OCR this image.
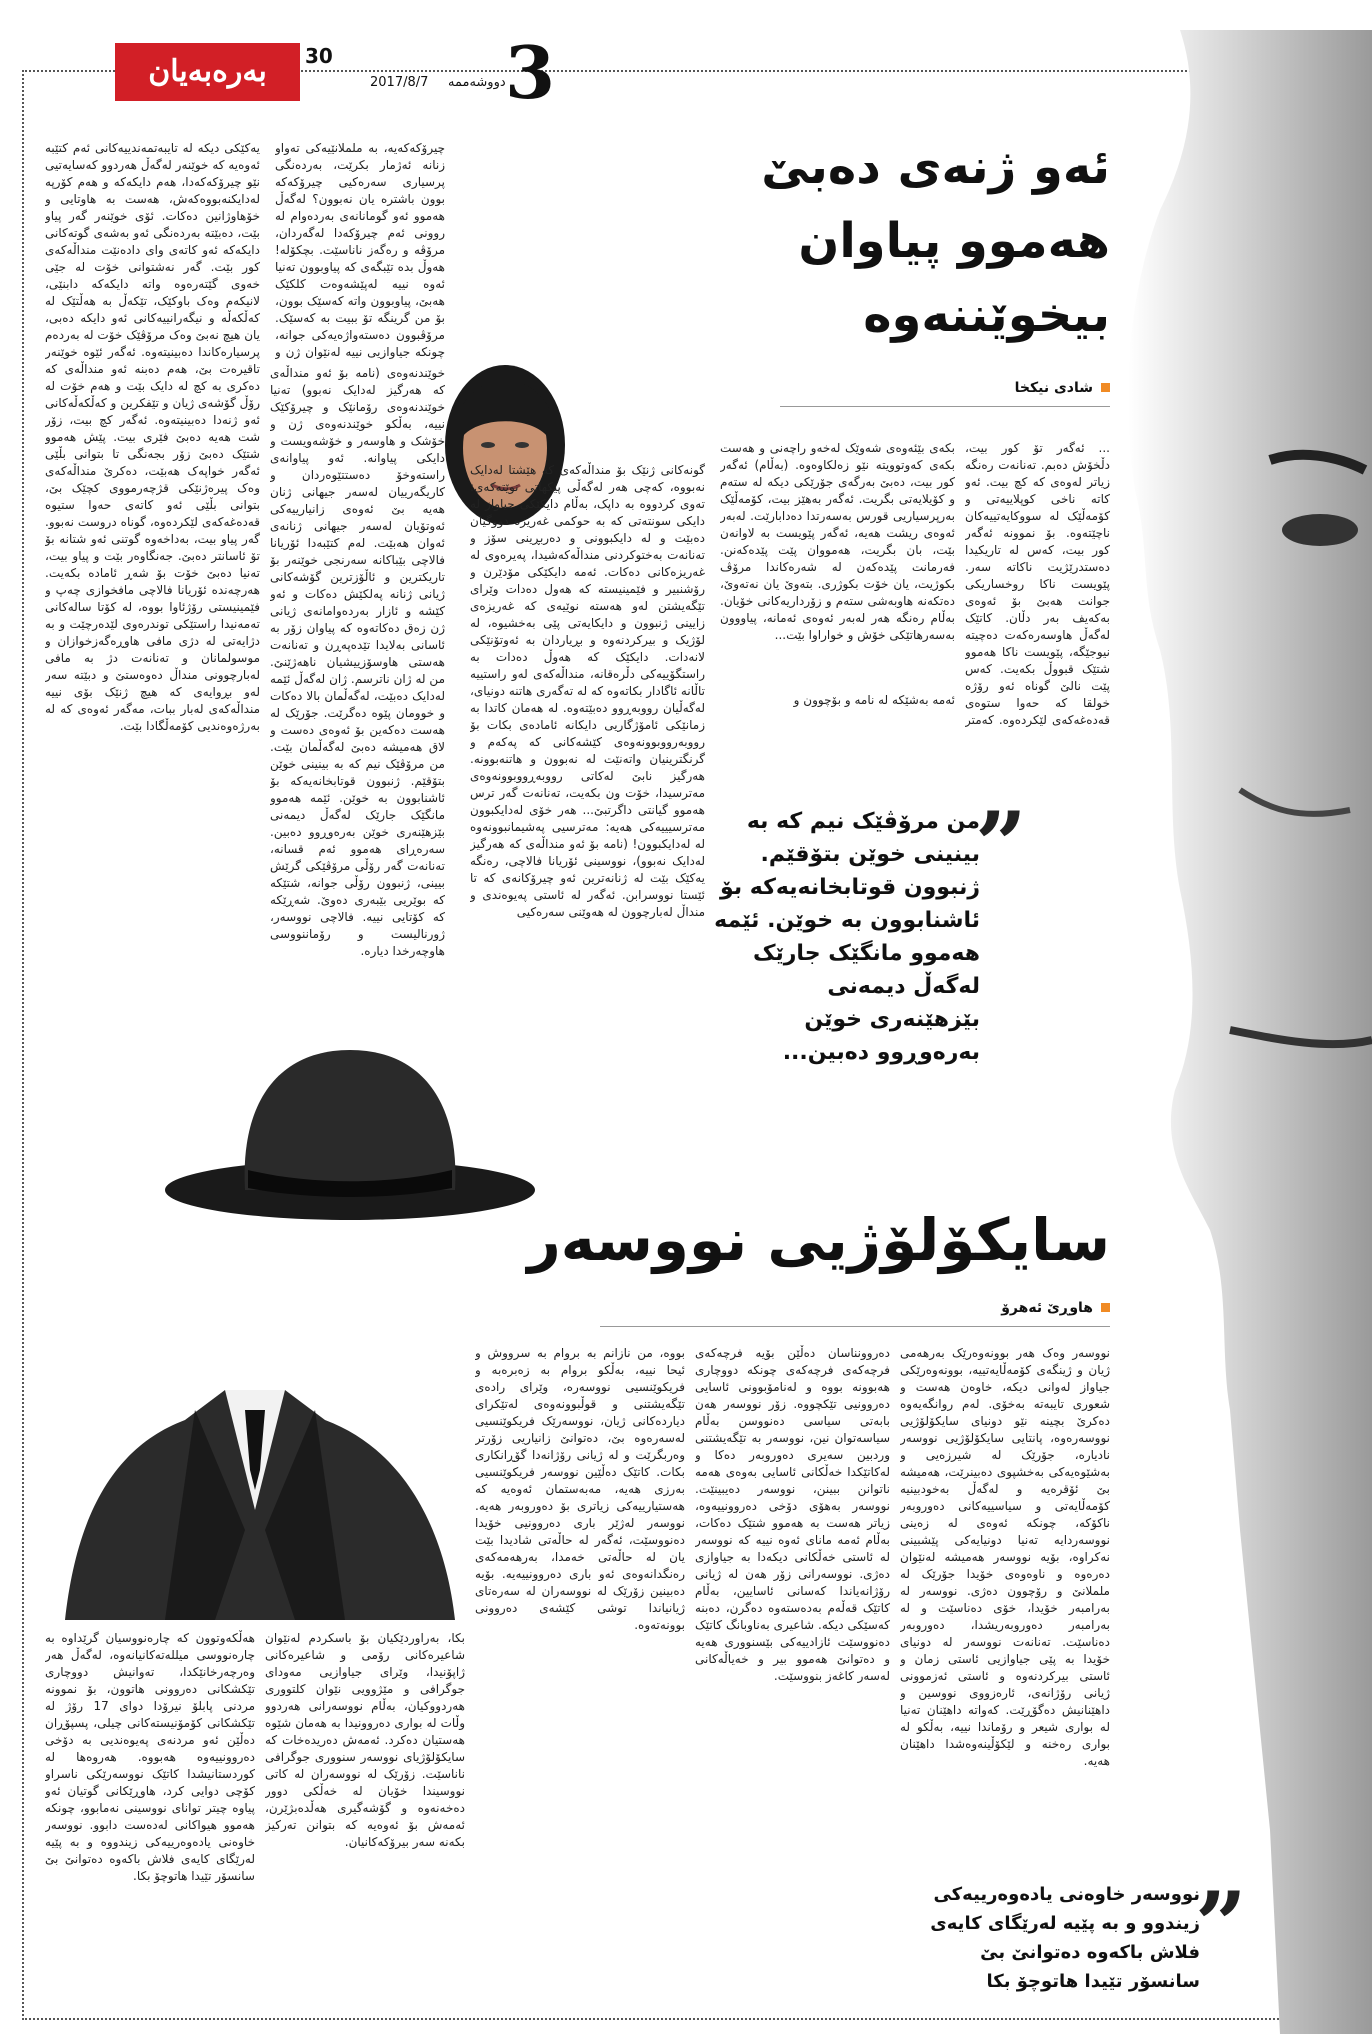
بەرەبەیان	30
2017/8/7 دووشەممە 3
ئەو ژنەی دەبێ
هەموو پیاوان
بیخوێننەوە
شادی نیکخا
... ئەگەر تۆ کور بیت، دڵخۆش دەبم. تەنانەت رەنگە زیاتر لەوەی کە کچ بیت. ئەو کاتە ناخی کوپلاییەتی و کۆمەڵێک لە سووکایەتییەکان ناچێتەوە. بۆ نموونە ئەگەر کور بیت، کەس لە تاریکیدا دەستدرێژیت ناکاتە سەر. پێویست ناکا روخساریکی جوانت هەبێ بۆ ئەوەی بەکەیف بەر دڵان. کاتێک لەگەڵ هاوسەرەکەت دەچیتە نیوجێگە، پێویست ناکا هەموو شتێک قبووڵ بکەیت. کەس پێت نالێ گوناه ئەو رۆژە خولقا کە حەوا ستوەی قەدەغەکەی لێکردەوە. کەمتر
بکەی بێئەوەی شەوێک لەخەو راچەنی و هەست بکەی کەوتوویتە نێو زەلکاوەوە. (بەڵام) ئەگەر کور بیت، دەبێ بەرگەی جۆرێکی دیکە لە ستەم و کۆیلایەتی بگریت. ئەگەر بەهێز بیت، کۆمەڵێک بەرپرسیاریی قورس بەسەرتدا دەدابارێت. لەبەر ئەوەی ریشت هەیە، ئەگەر پێویست بە لاوانەن بێت، بان بگریت، هەمووان پێت پێدەکەنن. فەرمانت پێدەکەن لە شەرەکاندا مرۆڤ بکوژیت، یان خۆت بکوژری. بتەوێ یان نەتەوێ، دەتکەنە هاوبەشی ستەم و زۆرداریەکانی خۆیان. بەڵام رەنگە هەر لەبەر ئەوەی ئەمانە، پیاووون بەسەرهاتێکی خۆش و خواراوا بێت...
ئەمە بەشێکە لە نامە و بۆچوون و
گونەکانی ژنێک بۆ منداڵەکەی کە هێشتا لەدایک نەبووە، کەچی هەر لەگەڵی پێکهاتی نوێتەکەی: تەوی کردووە بە داپک، بەڵام دایکێکی جیاواز لە دایکی سونتەتی کە بە حوکمی غەریزە دووگیان دەبێت و لە دایکبوونی و دەربڕینی سۆز و تەنانەت بەختوکردنی منداڵەکەشیدا، پەیرەوی لە غەریزەکانی دەکات. ئەمە دایکێکی مۆدێرن و رۆشنبیر و فێمینیستە کە هەول دەدات وێرای تێگەیشتن لەو هەستە نوێیەی کە غەریزەی زایینی ژنبوون و دایکایەتی پێی بەخشیوە، لە لۆژیک و بیرکردنەوە و بڕیاردان بە ئەوتۆنێکی لانەدات. دایکێک کە هەوڵ دەدات بە راستگۆییەکی دڵرەقانە، منداڵەکەی لەو راستییە تاڵانە ئاگادار بکاتەوە کە لە تەگەری هاتنە دونیای، لەگەڵیان رووبەڕوو دەبێتەوە. لە هەمان کاتدا بە زمانێکی ئامۆژگاریی دایکانە ئامادەی بکات بۆ رووبەرووبوونەوەی کێشەکانی کە پەکەم و گرنگترینیان واتەنێت لە نەبوون و هاتنەبوونە. هەرگیز نابێ لەکاتی رووبەڕووبوونەوەی مەترسیدا، خۆت ون بکەیت، تەنانەت گەر ترس هەموو گیانتی داگرتبێ... هەر خۆی لەدایکبوون مەترسیییەکی هەیە: مەترسیی پەشیمانبوونەوە لە لەدایکبوون! (نامە بۆ ئەو منداڵەی کە هەرگیز لەدایک نەبوو)، نووسینی ئۆریانا فالاچی، رەنگە یەکێک بێت لە ژنانەترین ئەو چیرۆکانەی کە تا ئێستا نووسرابن. ئەگەر لە ئاستی پەیوەندی و منداڵ لەبارچوون لە هەوێنی سەرەکیی
چیرۆکەکەیە، بە ململانێیەکی تەواو زنانە ئەژمار بکرێت، بەردەنگی پرسیاری سەرەکیی چیرۆکەکە بوون باشترە یان نەبوون؟ لەگەڵ هەموو ئەو گومانانەی بەردەوام لە روونی ئەم چیرۆکەدا لەگەردان، مرۆڤە و رەگەز ناناسێت. بچکۆلە! هەوڵ بدە تێبگەی کە پیاوبوون تەنیا ئەوە نییە لەپێشەوەت کلکێک هەبێ، پیاوبوون واتە کەسێک بوون، بۆ من گرینگە تۆ ببیت بە کەسێک. مرۆڤبوون دەستەواژەیەکی جوانە، چونکە جیاوازیی نییە لەنێوان ژن و
خوێندنەوەی (نامە بۆ ئەو منداڵەی کە هەرگیز لەدایک نەبوو) تەنیا خوێندنەوەی رۆمانێک و چیرۆکێک نییە، بەڵکو خوێندنەوەی ژن و خۆشک و هاوسەر و خۆشەویست و دایکی پیاوانە. ئەو پیاوانەی راستەوخۆ دەستتێوەردان و کاریگەرییان لەسەر جیهانی ژنان هەیە بێ ئەوەی زانیارییەکی ئەوتۆیان لەسەر جیهانی ژنانەی ئەوان هەبێت. لەم کتێبەدا ئۆریانا فالاچی بێباکانە سەرنجی خوێنەر بۆ تاریکترین و ئاڵۆزترین گۆشەکانی ژیانی ژنانە پەلکێش دەکات و ئەو کێشە و ئازار بەردەوامانەی ژیانی ژن زەق دەکاتەوە کە پیاوان زۆر بە ئاسانی بەلایدا تێدەپەڕن و تەنانەت هەستی هاوسۆزییشیان ناهەژێنێ. من لە ژان ناترسم. ژان لەگەڵ ئێمە لەدایک دەبێت، لەگەڵمان بالا دەکات و خوومان پێوە دەگرێت. جۆرێک لە هەست دەکەین بۆ ئەوەی دەست و لاق هەمیشە دەبێ لەگەڵمان بێت. من مرۆڤێک نیم کە بە بینینی خوێن بتۆقێم. ژنبوون قوتابخانەیەکە بۆ ئاشنابوون بە خوێن. ئێمە هەموو مانگێک جارێک لەگەڵ دیمەنی بێزهێنەری خوێن بەرەوڕوو دەبین. سەرەڕای هەموو ئەم قسانە، تەنانەت گەر رۆڵی مرۆڤێکی گرێش بیینی، ژنبوون رۆڵی جوانە، شتێکە کە بوێریی بێبەری دەوێ. شەڕێکە کە کۆتایی نییە. فالاچی نووسەر، ژورنالیست و رۆماننووسی هاوچەرخدا دیاره.
یەکێکی دیکە لە تایبەتمەندییەکانی ئەم کتێبە ئەوەیە کە خوێنەر لەگەڵ هەردوو کەسایەتیی نێو چیرۆکەکەدا، هەم دایکەکە و هەم کۆرپە لەدایکنەبووەکەش، هەست بە هاوتایی و خۆهاوژانین دەکات. ئۆی خوێنەر گەر پیاو بێت، دەبێتە بەردەنگی ئەو بەشەی گوتەکانی دایکەکە ئەو کاتەی وای دادەنێت منداڵەکەی کور بێت. گەر نەشتوانی خۆت لە جێی خەوی گێتەرەوە واتە دایکەکە دابنێی، لانیکەم وەک باوکێک، تێکەڵ بە هەڵتێک لە کەڵکەڵە و نیگەرانییەکانی ئەو دایکە دەبی، یان هیچ نەبێ وەک مرۆڤێک خۆت لە بەردەم پرسیارەکاندا دەبینیتەوە. ئەگەر ئێوە خوێنەر تاقیرەت بێ، هەم دەبنە ئەو منداڵەی کە دەکری بە کچ لە دایک بێت و هەم خۆت لە رۆڵ گۆشەی ژیان و تێفکرین و کەڵکەڵەکانی ئەو ژنەدا دەبینیتەوە. ئەگەر کچ بیت، زۆر شت هەیە دەبێ فێری بیت. پێش هەموو شتێک دەبێ زۆر بجەنگی تا بتوانی بڵێی ئەگەر خواپەک هەبێت، دەکرێ منداڵەکەی وەک پیرەژنێکی قژچەرمووی کچێک بێ، بتوانی بڵێی ئەو کاتەی حەوا ستیوە قەدەغەکەی لێکردەوە، گوناه دروست نەبوو. گەر پیاو بیت، بەداخەوە گوتنی ئەو شتانە بۆ تۆ ئاسانتر دەبێ. جەنگاوەر بێت و پیاو بیت، تەنیا دەبێ خۆت بۆ شەڕ ئامادە بکەیت. هەرچەندە ئۆریانا فالاچی مافخوازی چەپ و فێمینیستی رۆژئاوا بووە، لە کۆتا سالەکانی تەمەنیدا راستێکی توندرەوی لێدەرچێت و بە دژایەتی لە دژی مافی هاوڕەگەزخوازان و موسولمانان و تەنانەت دژ بە مافی لەبارچوونی منداڵ دەوەستێ و دبێتە سەر لەو بڕوایەی کە هیچ ژنێک بۆی نییە منداڵەکەی لەبار ببات، مەگەر ئەوەی کە لە بەرژەوەندیی کۆمەڵگادا بێت.
”
من مرۆڤێک نیم کە بە بینینی خوێن بتۆقێم. ژنبوون قوتابخانەیەکە بۆ ئاشنابوون بە خوێن. ئێمە هەموو مانگێک جارێک لەگەڵ دیمەنی بێزهێنەری خوێن بەرەوڕوو دەبین...
سایکۆلۆژیی نووسەر
هاوڕێ ئەهرۆ
نووسەر وەک هەر بوونەوەرێک بەرهەمی ژیان و ژینگەی کۆمەڵایەتییە، بوونەوەرێکی جیاواز لەوانی دیکە، خاوەن هەست و شعوری تایبەتە بەخۆی. لەم روانگەیەوە دەکرێ بچینە نێو دونیای سایکۆلۆژیی نووسەرەوە، پانتایی سایکۆلۆژیی نووسەر نادیارە، جۆرێک لە شیرزەیی و بەشێوەیەکی بەخشپوی دەبینرێت، هەمیشە بێ ئۆقرەیە و لەگەڵ بەخودبینیە کۆمەڵایەتی و سیاسییەکانی دەوروبەر ناکۆکە، چونکە ئەوەی لە زەینی نووسەردایە تەنیا دونیایەکی پێشبینی نەکراوە، بۆیە نووسەر هەمیشە لەنێوان دەرەوە و ناوەوەی خۆیدا جۆرێک لە ململانێ و رۆچوون دەژی. نووسەر لە بەرامبەر خۆیدا، خۆی دەناسێت و لە بەرامبەر دەوروبەریشدا، دەوروبەر دەناسێت. تەنانەت نووسەر لە دونیای خۆیدا بە پێی جیاوازیی ئاستی زمان و ئاستی بیرکردنەوە و ئاستی ئەزموونی ژیانی رۆژانەی، ئارەزووی نووسین و داهێنانیش دەگۆڕێت. کەواتە داهێنان تەنیا لە بواری شیعر و رۆماندا نییە، بەڵکو لە بواری رەخنە و لێکۆڵینەوەشدا داهێنان هەیە.
دەروونناسان دەڵێن بۆیە فرچەکەی فرچەکەی فرچەکەی چونکە دووچاری هەبوونە بووە و لەنامۆبوونی ئاسایی دەروونیی تێکچووە. زۆر نووسەر هەن بابەتی سیاسی دەنووسن بەڵام سیاسەتوان نین، نووسەر بە تێگەیشتنی وردبین سەیری دەوروبەر دەکا و لەکاتێکدا خەڵکانی ئاسایی بەوەی هەمە ناتوانن ببینن، نووسەر دەیبینێت. نووسەر بەهۆی دۆخی دەروونییەوە، زیاتر هەست بە هەموو شتێک دەکات، بەڵام ئەمە مانای ئەوە نییە کە نووسەر لە ئاستی خەڵکانی دیکەدا بە جیاوازی دەژی. نووسەرانی زۆر هەن لە ژیانی رۆژانەیاندا کەسانی ئاسایین، بەڵام کاتێک قەڵەم بەدەستەوە دەگرن، دەبنە کەسێکی دیکە. شاعیری بەناوبانگ کاتێک دەنووسێت ئازادییەکی بێسنووری هەیە و دەتوانێ هەموو بیر و خەیاڵەکانی لەسەر کاغەز بنووسێت.
بووە، من نازانم بە بروام بە سرووش و ئیحا نییە، بەڵکو بروام بە زەبرەبە و فریکوێنسیی نووسەرە، وێرای رادەی تێگەیشتنی و قوڵبوونەوەی لەتێکرای دیاردەکانی ژیان، نووسەرێک فریکوێنسیی لەسەرەوە بێ، دەتوانێ زانیاریی زۆرتر وەربگرێت و لە ژیانی رۆژانەدا گۆڕانکاری بکات. کاتێک دەڵێین نووسەر فریکوێنسیی بەرزی هەیە، مەبەستمان ئەوەیە کە هەستیارییەکی زیاتری بۆ دەوروبەر هەیە. نووسەر لەژێر باری دەروونیی خۆیدا دەنووسێت، ئەگەر لە حاڵەتی شادیدا بێت یان لە حاڵەتی خەمدا، بەرهەمەکەی رەنگدانەوەی ئەو باری دەروونییەیە. بۆیە دەبینین زۆرێک لە نووسەران لە سەرەتای ژیانیاندا توشی کێشەی دەروونی بوونەتەوە.
بکا، بەراوردێکیان بۆ باسکردم لەنێوان شاعیرەکانی رۆمی و شاعیرەکانی ژاپۆنیدا، وێرای جیاوازیی مەودای جوگرافی و مێژوویی نێوان کلتووری هەردووکیان، بەڵام نووسەرانی هەردوو وڵات لە بواری دەروونیدا بە هەمان شێوە هەستیان دەکرد. ئەمەش دەریدەخات کە سایکۆلۆژیای نووسەر سنووری جوگرافی ناناسێت. زۆرێک لە نووسەران لە کاتی نووسیندا خۆیان لە خەڵکی دوور دەخەنەوە و گۆشەگیری هەڵدەبژێرن، ئەمەش بۆ ئەوەیە کە بتوانن تەرکیز بکەنە سەر بیرۆکەکانیان.
هەڵکەوتوون کە چارەنووسیان گرێداوە بە چارەنووسی میللەتەکانیانەوە، لەگەڵ هەر وەرچەرخانێکدا، تەوانیش دووچاری تێکشکانی دەروونی هاتوون، بۆ نموونە مردنی پابلۆ نیرۆدا دوای 17 رۆژ لە تێکشکانی کۆمۆنیستەکانی چیلی، پسپۆڕان دەڵێن ئەو مردنەی پەیوەندیی بە دۆخی دەروونییەوە هەبووە. هەروەها لە کوردستانیشدا کاتێک نووسەرێکی ناسراو کۆچی دوایی کرد، هاوڕێکانی گوتیان ئەو پیاوە چیتر توانای نووسینی نەمابوو، چونکە هەموو هیواکانی لەدەست دابوو. نووسەر خاوەنی یادەوەرییەکی زیندووە و بە پێیە لەرێگای کایەی فلاش باکەوە دەتوانێ بێ سانسۆر تێیدا هاتوچۆ بکا.	”
نووسەر خاوەنی یادەوەرییەکی زیندوو و بە پێیە لەرێگای کایەی فلاش باکەوە دەتوانێ بێ سانسۆر تێیدا هاتوچۆ بکا
